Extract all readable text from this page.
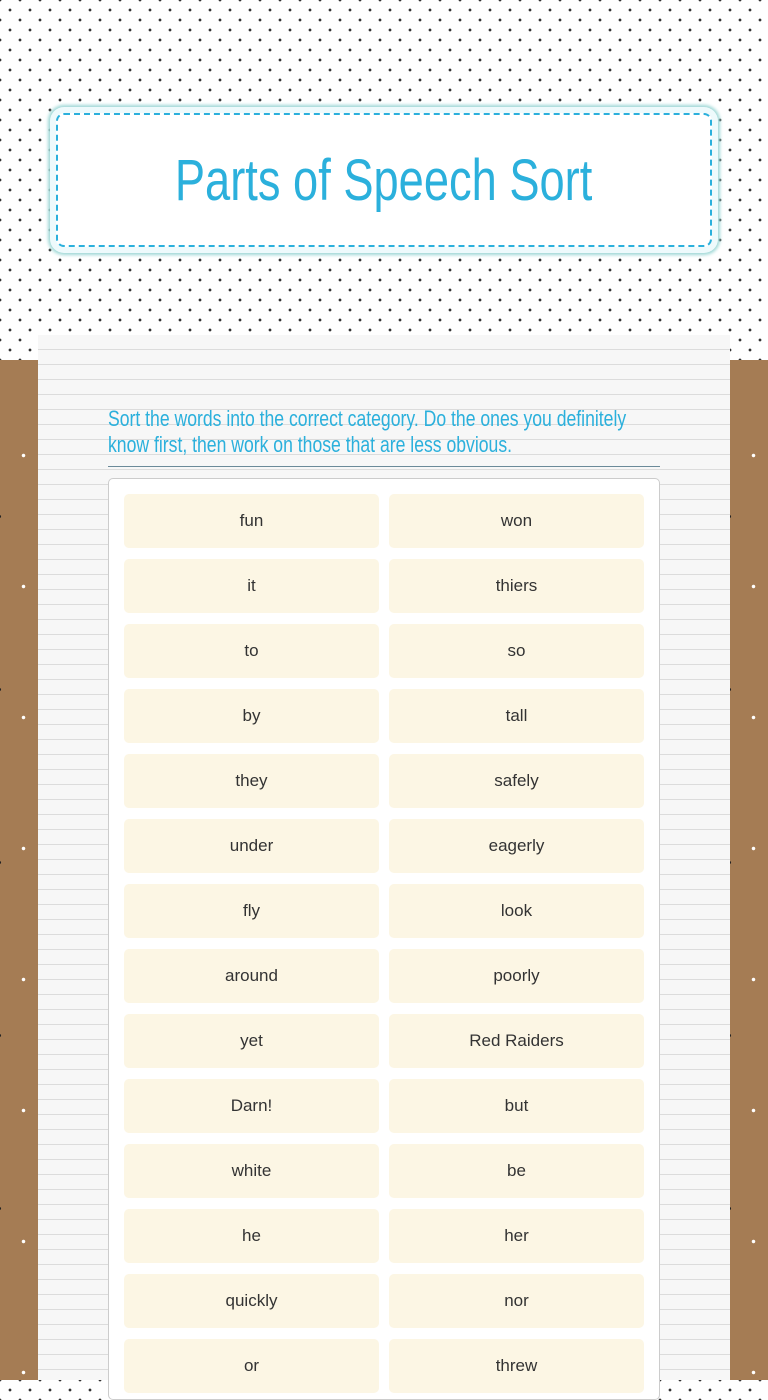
Parts of Speech Sort
Sort the words into the correct category. Do the ones you definitely know first, then work on those that are less obvious.
fun	won
it	thiers
to	so
by	tall
they	safely
under	eagerly
fly	look
around	poorly
yet	Red Raiders
Darn!	but
white	be
he	her
quickly	nor
or	threw
